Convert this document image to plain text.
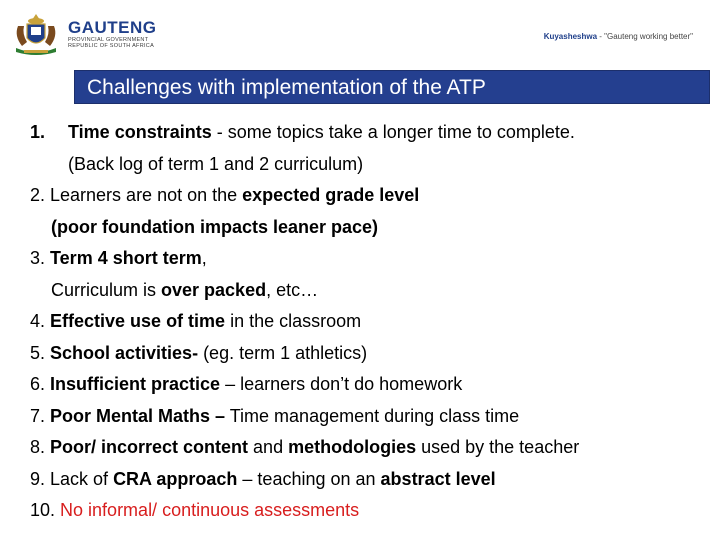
GAUTENG
PROVINCIAL GOVERNMENT
REPUBLIC OF SOUTH AFRICA
Kuyasheshwa - "Gauteng working better"
Challenges with implementation of the ATP
1. Time constraints - some topics take a longer time to complete.
(Back log of term 1 and 2 curriculum)
2. Learners are not on the expected grade level
(poor foundation impacts leaner pace)
3. Term 4 short term,
Curriculum is over packed, etc…
4. Effective use of time in the classroom
5. School activities- (eg. term 1 athletics)
6. Insufficient practice – learners don’t do homework
7. Poor Mental Maths – Time management during class time
8. Poor/ incorrect content and methodologies used by the teacher
9. Lack of CRA approach – teaching on an abstract level
10. No informal/ continuous assessments
